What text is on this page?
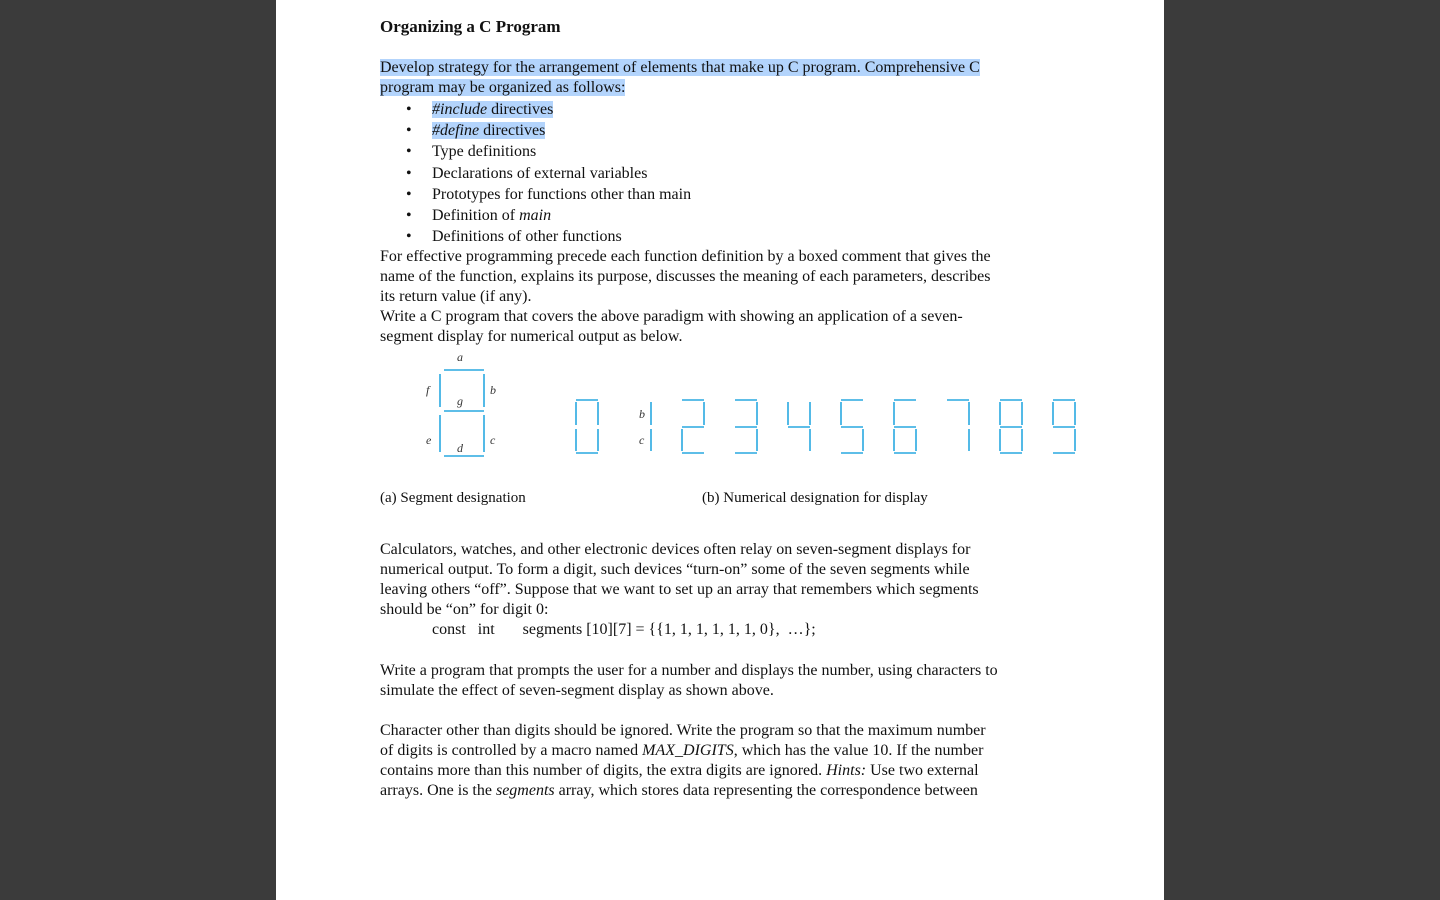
Organizing a C Program
Develop strategy for the arrangement of elements that make up C program. Comprehensive C
program may be organized as follows:
• #include directives
• #define directives
• Type definitions
• Declarations of external variables
• Prototypes for functions other than main
• Definition of main
• Definitions of other functions
For effective programming precede each function definition by a boxed comment that gives the
name of the function, explains its purpose, discusses the meaning of each parameters, describes
its return value (if any).
Write a C program that covers the above paradigm with showing an application of a seven-
segment display for numerical output as below.
a
b
c
d
e
f
g
b
c
(a) Segment designation	(b) Numerical designation for display
Calculators, watches, and other electronic devices often relay on seven-segment displays for
numerical output. To form a digit, such devices “turn-on” some of the seven segments while
leaving others “off”. Suppose that we want to set up an array that remembers which segments
should be “on” for digit 0:
const   int       segments [10][7] = {{1, 1, 1, 1, 1, 1, 0},  …};
Write a program that prompts the user for a number and displays the number, using characters to
simulate the effect of seven-segment display as shown above.
Character other than digits should be ignored. Write the program so that the maximum number
of digits is controlled by a macro named MAX_DIGITS, which has the value 10. If the number
contains more than this number of digits, the extra digits are ignored. Hints: Use two external
arrays. One is the segments array, which stores data representing the correspondence between
